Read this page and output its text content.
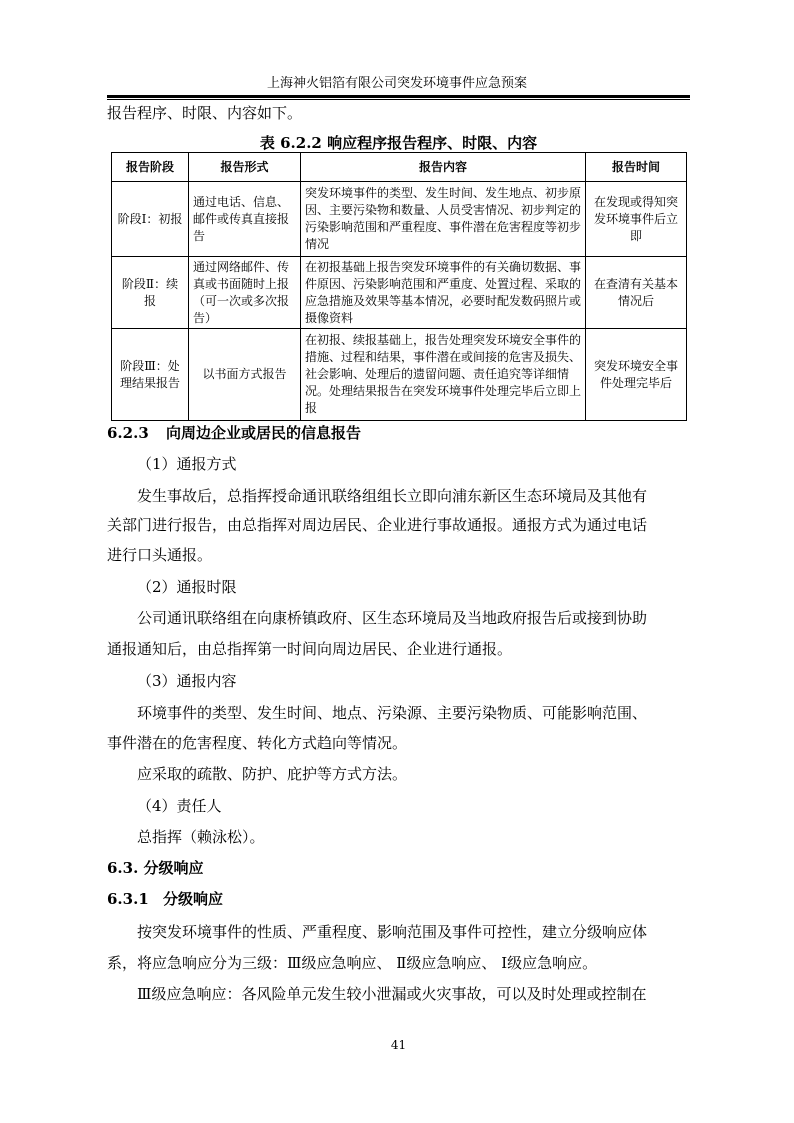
上海神火铝箔有限公司突发环境事件应急预案
报告程序、时限、内容如下。
表 6.2.2 响应程序报告程序、时限、内容
报告阶段	报告形式	报告内容	报告时间
阶段Ⅰ：初报	通过电话、信息、邮件或传真直接报告	突发环境事件的类型、发生时间、发生地点、初步原因、主要污染物和数量、人员受害情况、初步判定的污染影响范围和严重程度、事件潜在危害程度等初步情况	在发现或得知突发环境事件后立即
阶段Ⅱ：续报	通过网络邮件、传真或书面随时上报（可一次或多次报告）	在初报基础上报告突发环境事件的有关确切数据、事件原因、污染影响范围和严重度、处置过程、采取的应急措施及效果等基本情况，必要时配发数码照片或摄像资料	在查清有关基本情况后
阶段Ⅲ：处理结果报告	以书面方式报告	在初报、续报基础上，报告处理突发环境安全事件的措施、过程和结果，事件潜在或间接的危害及损失、社会影响、处理后的遗留问题、责任追究等详细情况。处理结果报告在突发环境事件处理完毕后立即上报	突发环境安全事件处理完毕后
6.2.3 向周边企业或居民的信息报告
（1）通报方式
发生事故后，总指挥授命通讯联络组组长立即向浦东新区生态环境局及其他有
关部门进行报告，由总指挥对周边居民、企业进行事故通报。通报方式为通过电话
进行口头通报。
（2）通报时限
公司通讯联络组在向康桥镇政府、区生态环境局及当地政府报告后或接到协助
通报通知后，由总指挥第一时间向周边居民、企业进行通报。
（3）通报内容
环境事件的类型、发生时间、地点、污染源、主要污染物质、可能影响范围、
事件潜在的危害程度、转化方式趋向等情况。
应采取的疏散、防护、庇护等方式方法。
（4）责任人
总指挥（赖泳松）。
6.3. 分级响应
6.3.1 分级响应
按突发环境事件的性质、严重程度、影响范围及事件可控性，建立分级响应体
系，将应急响应分为三级：Ⅲ级应急响应、 Ⅱ级应急响应、 Ⅰ级应急响应。
Ⅲ级应急响应：各风险单元发生较小泄漏或火灾事故，可以及时处理或控制在
41
